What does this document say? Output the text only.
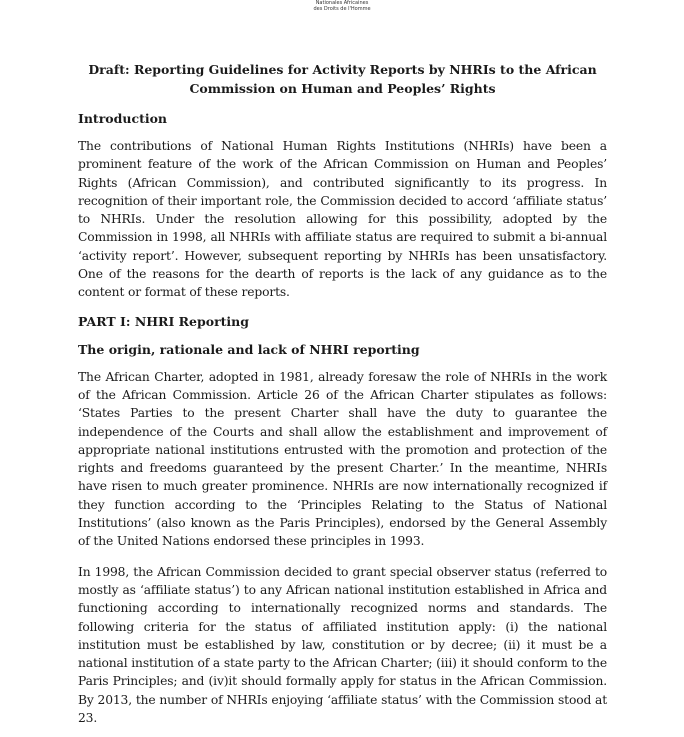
Nationales Africaines
des Droits de l'Homme
Draft: Reporting Guidelines for Activity Reports by NHRIs to the African Commission on Human and Peoples’ Rights
Introduction

The contributions of National Human Rights Institutions (NHRIs) have been a prominent feature of the work of the African Commission on Human and Peoples’ Rights (African Commission), and contributed significantly to its progress. In recognition of their important role, the Commission decided to accord ‘affiliate status’ to NHRIs. Under the resolution allowing for this possibility, adopted by the Commission in 1998, all NHRIs with affiliate status are required to submit a bi-annual ‘activity report’. However, subsequent reporting by NHRIs has been unsatisfactory. One of the reasons for the dearth of reports is the lack of any guidance as to the content or format of these reports.

PART I: NHRI Reporting
The origin, rationale and lack of NHRI reporting

The African Charter, adopted in 1981, already foresaw the role of NHRIs in the work of the African Commission. Article 26 of the African Charter stipulates as follows: ‘States Parties to the present Charter shall have the duty to guarantee the independence of the Courts and shall allow the establishment and improvement of appropriate national institutions entrusted with the promotion and protection of the rights and freedoms guaranteed by the present Charter.’ In the meantime, NHRIs have risen to much greater prominence. NHRIs are now internationally recognized if they function according to the ‘Principles Relating to the Status of National Institutions’ (also known as the Paris Principles), endorsed by the General Assembly of the United Nations endorsed these principles in 1993.

In 1998, the African Commission decided to grant special observer status (referred to mostly as ‘affiliate status’) to any African national institution established in Africa and functioning according to internationally recognized norms and standards. The following criteria for the status of affiliated institution apply: (i) the national institution must be established by law, constitution or by decree; (ii) it must be a national institution of a state party to the African Charter; (iii) it should conform to the Paris Principles; and (iv)it should formally apply for status in the African Commission. By 2013, the number of NHRIs enjoying ‘affiliate status’ with the Commission stood at 23.
